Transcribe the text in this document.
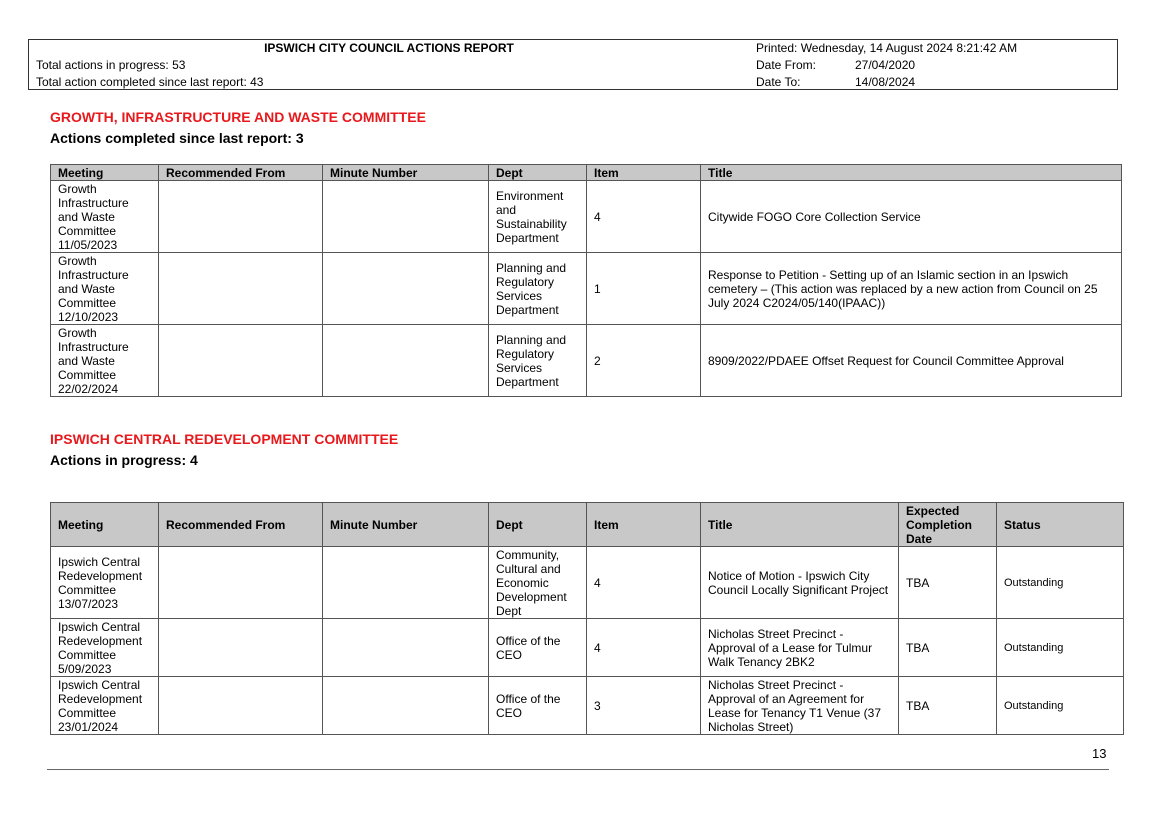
IPSWICH CITY COUNCIL ACTIONS REPORT
Total actions in progress: 53
Total action completed since last report: 43
Printed: Wednesday, 14 August 2024 8:21:42 AM
Date From:	27/04/2020
Date To:	14/08/2024
GROWTH, INFRASTRUCTURE AND WASTE COMMITTEE
Actions completed since last report: 3
Meeting	Recommended From	Minute Number	Dept	Item	Title
Growth Infrastructure and Waste Committee 11/05/2023			Environment and Sustainability Department	4	Citywide FOGO Core Collection Service
Growth Infrastructure and Waste Committee 12/10/2023			Planning and Regulatory Services Department	1	Response to Petition - Setting up of an Islamic section in an Ipswich cemetery – (This action was replaced by a new action from Council on 25 July 2024 C2024/05/140(IPAAC))
Growth Infrastructure and Waste Committee 22/02/2024			Planning and Regulatory Services Department	2	8909/2022/PDAEE Offset Request for Council Committee Approval
IPSWICH CENTRAL REDEVELOPMENT COMMITTEE
Actions in progress: 4
Meeting	Recommended From	Minute Number	Dept	Item	Title	Expected Completion Date	Status
Ipswich Central Redevelopment Committee 13/07/2023			Community, Cultural and Economic Development Dept	4	Notice of Motion - Ipswich City Council Locally Significant Project	TBA	Outstanding
Ipswich Central Redevelopment Committee 5/09/2023			Office of the CEO	4	Nicholas Street Precinct - Approval of a Lease for Tulmur Walk Tenancy 2BK2	TBA	Outstanding
Ipswich Central Redevelopment Committee 23/01/2024			Office of the CEO	3	Nicholas Street Precinct - Approval of an Agreement for Lease for Tenancy T1 Venue (37 Nicholas Street)	TBA	Outstanding
13
